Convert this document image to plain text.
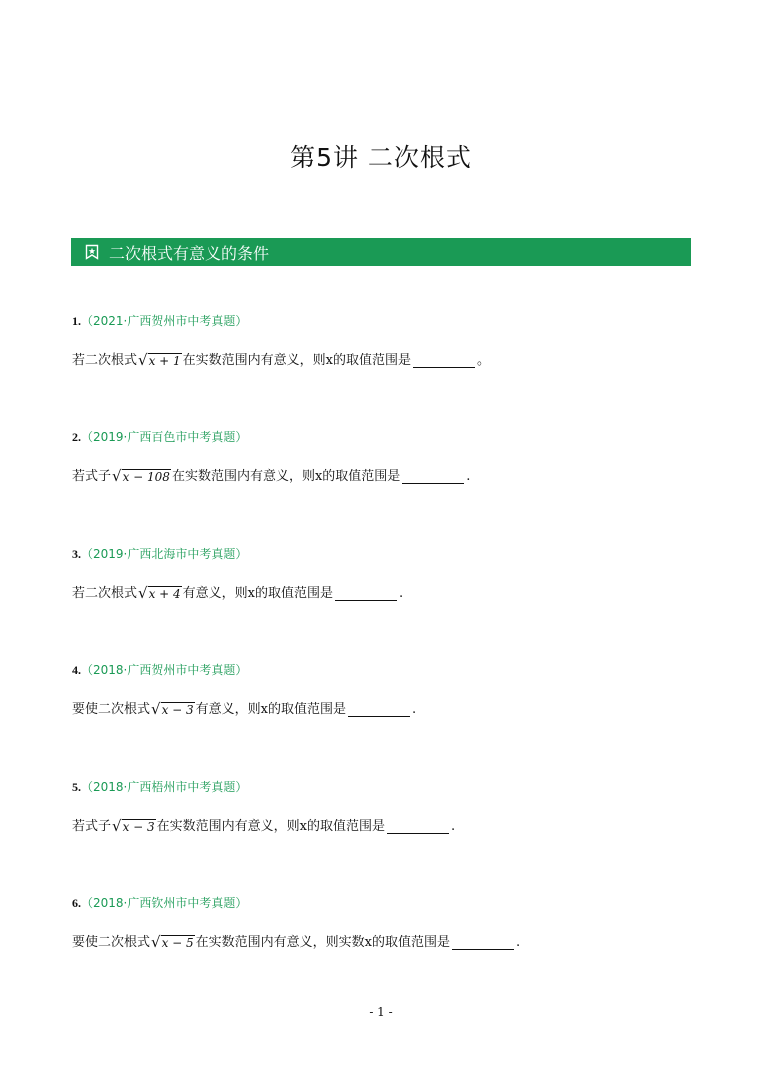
第5讲 二次根式
二次根式有意义的条件
1.（2021·广西贺州市中考真题）
若二次根式 √ x + 1 在实数范围内有意义，则x的取值范围是	。
2.（2019·广西百色市中考真题）
若式子 √ x − 108 在实数范围内有意义，则x的取值范围是	.
3.（2019·广西北海市中考真题）
若二次根式 √ x + 4 有意义，则x的取值范围是	.
4.（2018·广西贺州市中考真题）
要使二次根式 √ x − 3 有意义，则x的取值范围是	.
5.（2018·广西梧州市中考真题）
若式子 √ x − 3 在实数范围内有意义，则x的取值范围是	.
6.（2018·广西钦州市中考真题）
要使二次根式 √ x − 5 在实数范围内有意义，则实数x的取值范围是	.
- 1 -
